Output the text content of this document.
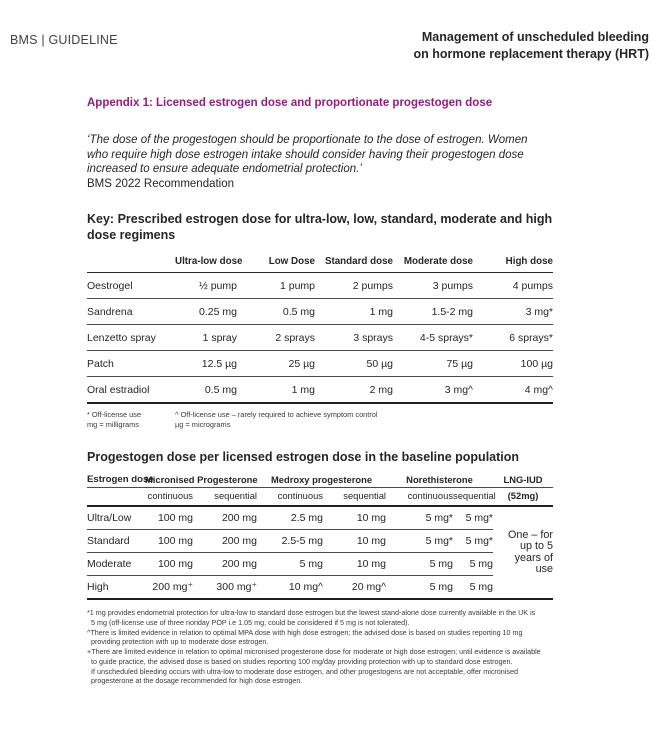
BMS | GUIDELINE	Management of unscheduled bleeding
on hormone replacement therapy (HRT)
Appendix 1: Licensed estrogen dose and proportionate progestogen dose
‘The dose of the progestogen should be proportionate to the dose of estrogen. Women
who require high dose estrogen intake should consider having their progestogen dose
increased to ensure adequate endometrial protection.’
BMS 2022 Recommendation
Key: Prescribed estrogen dose for ultra-low, low, standard, moderate and high
dose regimens
	Ultra-low dose	Low Dose	Standard dose	Moderate dose	High dose
Oestrogel	½ pump	1 pump	2 pumps	3 pumps	4 pumps
Sandrena	0.25 mg	0.5 mg	1 mg	1.5-2 mg	3 mg*
Lenzetto spray	1 spray	2 sprays	3 sprays	4-5 sprays*	6 sprays*
Patch	12.5 µg	25 µg	50 µg	75 µg	100 µg
Oral estradiol	0.5 mg	1 mg	2 mg	3 mg^	4 mg^
* Off-license use	^ Off-license use – rarely required to achieve symptom control
mg = milligrams	µg = micrograms
Progestogen dose per licensed estrogen dose in the baseline population
Estrogen dose	Micronised Progesterone		Medroxy progesterone		Norethisterone		LNG-IUD
	continuous	sequential	continuous	sequential	continuous	sequential	(52mg)
Ultra/Low	100 mg	200 mg	2.5 mg	10 mg	5 mg*	5 mg*	One – for up to 5 years of use
Standard	100 mg	200 mg	2.5-5 mg	10 mg	5 mg*	5 mg*	
Moderate	100 mg	200 mg	5 mg	10 mg	5 mg	5 mg	
High	200 mg⁺	300 mg⁺	10 mg^	20 mg^	5 mg	5 mg	
*1 mg provides endometrial protection for ultra-low to standard dose estrogen but the lowest stand-alone dose currently available in the UK is
5 mg (off-license use of three noriday POP i.e 1.05 mg, could be considered if 5 mg is not tolerated).
^There is limited evidence in relation to optimal MPA dose with high dose estrogen; the advised dose is based on studies reporting 10 mg
providing protection with up to moderate dose estrogen.
+There are limited evidence in relation to optimal micronised progesterone dose for moderate or high dose estrogen; until evidence is available
to guide practice, the advised dose is based on studies reporting 100 mg/day providing protection with up to standard dose estrogen.
If unscheduled bleeding occurs with ultra-low to moderate dose estrogen, and other progestogens are not acceptable, offer micronised
progesterone at the dosage recommended for high dose estrogen.
